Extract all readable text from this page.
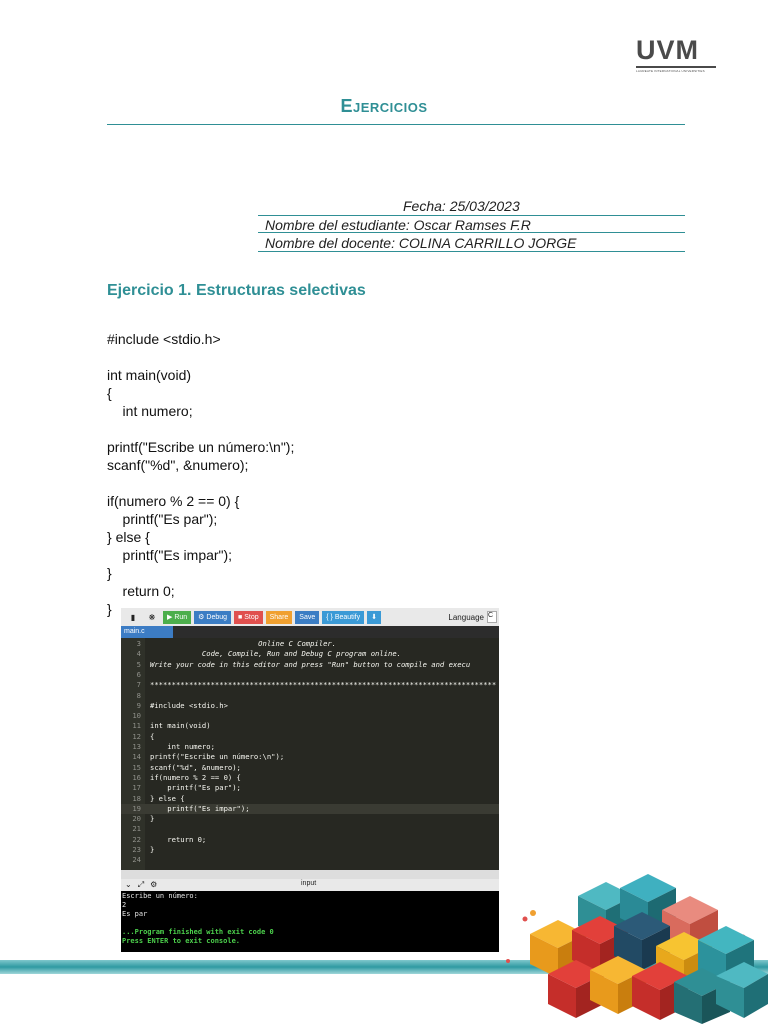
UVM
LAUREATE INTERNATIONAL UNIVERSITIES
Ejercicios
Fecha: 25/03/2023
Nombre del estudiante: Oscar Ramses F.R
Nombre del docente: COLINA CARRILLO JORGE
Ejercicio 1. Estructuras selectivas
#include <stdio.h>
int main(void)
{
int numero;
printf("Escribe un número:\n");
scanf("%d", &numero);
if(numero % 2 == 0) {
printf("Es par");
} else {
printf("Es impar");
}
return 0;
}	▮	❋	▶ Run	⚙ Debug	■ Stop	Share	Save	{ } Beautify	⬇	Language C
main.c
3 Online C Compiler.
4 Code, Compile, Run and Debug C program online.
5 Write your code in this editor and press "Run" button to compile and execu
6
7 ********************************************************************************
8
9 #include <stdio.h>
10
11 int main(void)
12 {
13 int numero;
14 printf("Escribe un número:\n");
15 scanf("%d", &numero);
16 if(numero % 2 == 0) {
17 printf("Es par");
18 } else {
19 printf("Es impar");
20 }
21
22 return 0;
23 }
24
⌄⤢⚙	input
Escribe un número:
2
Es par
...Program finished with exit code 0
Press ENTER to exit console.
